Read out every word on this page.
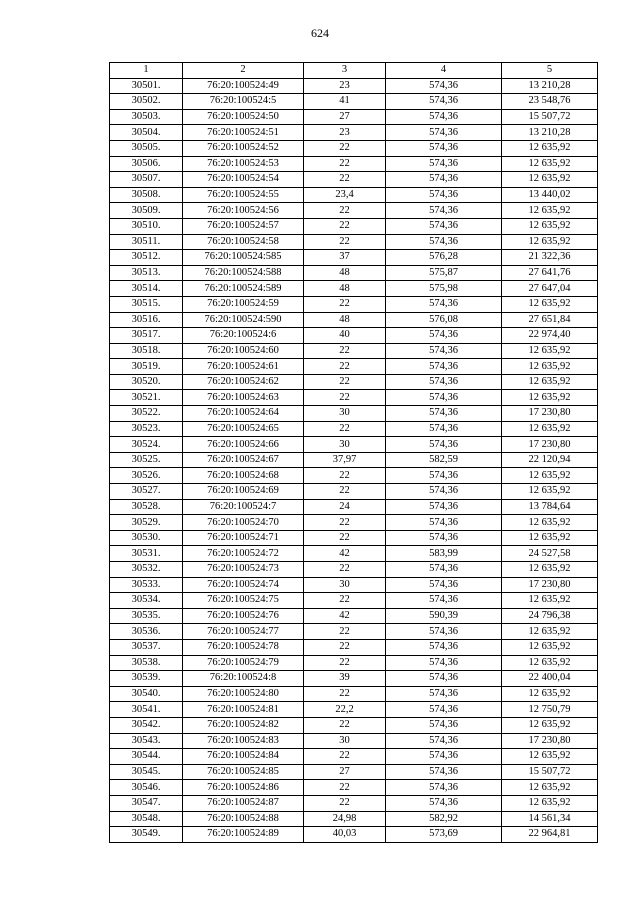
624
1	2	3	4	5
30501.	76:20:100524:49	23	574,36	13 210,28
30502.	76:20:100524:5	41	574,36	23 548,76
30503.	76:20:100524:50	27	574,36	15 507,72
30504.	76:20:100524:51	23	574,36	13 210,28
30505.	76:20:100524:52	22	574,36	12 635,92
30506.	76:20:100524:53	22	574,36	12 635,92
30507.	76:20:100524:54	22	574,36	12 635,92
30508.	76:20:100524:55	23,4	574,36	13 440,02
30509.	76:20:100524:56	22	574,36	12 635,92
30510.	76:20:100524:57	22	574,36	12 635,92
30511.	76:20:100524:58	22	574,36	12 635,92
30512.	76:20:100524:585	37	576,28	21 322,36
30513.	76:20:100524:588	48	575,87	27 641,76
30514.	76:20:100524:589	48	575,98	27 647,04
30515.	76:20:100524:59	22	574,36	12 635,92
30516.	76:20:100524:590	48	576,08	27 651,84
30517.	76:20:100524:6	40	574,36	22 974,40
30518.	76:20:100524:60	22	574,36	12 635,92
30519.	76:20:100524:61	22	574,36	12 635,92
30520.	76:20:100524:62	22	574,36	12 635,92
30521.	76:20:100524:63	22	574,36	12 635,92
30522.	76:20:100524:64	30	574,36	17 230,80
30523.	76:20:100524:65	22	574,36	12 635,92
30524.	76:20:100524:66	30	574,36	17 230,80
30525.	76:20:100524:67	37,97	582,59	22 120,94
30526.	76:20:100524:68	22	574,36	12 635,92
30527.	76:20:100524:69	22	574,36	12 635,92
30528.	76:20:100524:7	24	574,36	13 784,64
30529.	76:20:100524:70	22	574,36	12 635,92
30530.	76:20:100524:71	22	574,36	12 635,92
30531.	76:20:100524:72	42	583,99	24 527,58
30532.	76:20:100524:73	22	574,36	12 635,92
30533.	76:20:100524:74	30	574,36	17 230,80
30534.	76:20:100524:75	22	574,36	12 635,92
30535.	76:20:100524:76	42	590,39	24 796,38
30536.	76:20:100524:77	22	574,36	12 635,92
30537.	76:20:100524:78	22	574,36	12 635,92
30538.	76:20:100524:79	22	574,36	12 635,92
30539.	76:20:100524:8	39	574,36	22 400,04
30540.	76:20:100524:80	22	574,36	12 635,92
30541.	76:20:100524:81	22,2	574,36	12 750,79
30542.	76:20:100524:82	22	574,36	12 635,92
30543.	76:20:100524:83	30	574,36	17 230,80
30544.	76:20:100524:84	22	574,36	12 635,92
30545.	76:20:100524:85	27	574,36	15 507,72
30546.	76:20:100524:86	22	574,36	12 635,92
30547.	76:20:100524:87	22	574,36	12 635,92
30548.	76:20:100524:88	24,98	582,92	14 561,34
30549.	76:20:100524:89	40,03	573,69	22 964,81
